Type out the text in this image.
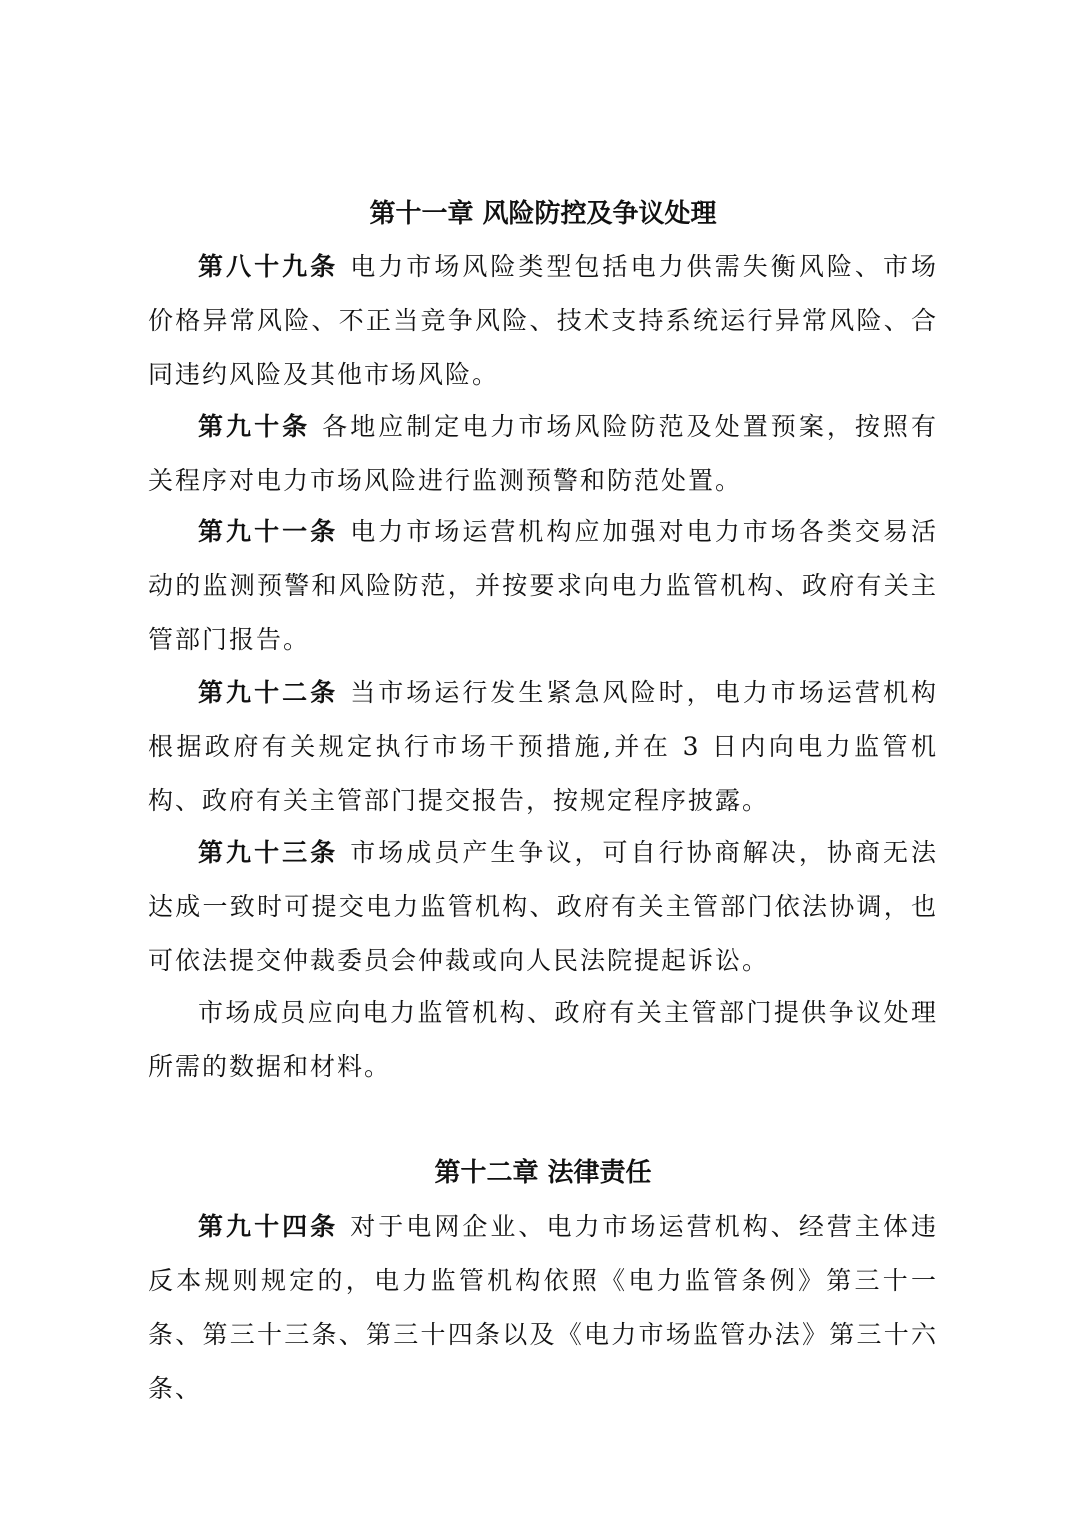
第十一章 风险防控及争议处理
第八十九条 电力市场风险类型包括电力供需失衡风险、市场价格异常风险、不正当竞争风险、技术支持系统运行异常风险、合同违约风险及其他市场风险。
第九十条 各地应制定电力市场风险防范及处置预案，按照有关程序对电力市场风险进行监测预警和防范处置。
第九十一条 电力市场运营机构应加强对电力市场各类交易活动的监测预警和风险防范，并按要求向电力监管机构、政府有关主管部门报告。
第九十二条 当市场运行发生紧急风险时，电力市场运营机构根据政府有关规定执行市场干预措施,并在 3 日内向电力监管机构、政府有关主管部门提交报告，按规定程序披露。
第九十三条 市场成员产生争议，可自行协商解决，协商无法达成一致时可提交电力监管机构、政府有关主管部门依法协调，也可依法提交仲裁委员会仲裁或向人民法院提起诉讼。
市场成员应向电力监管机构、政府有关主管部门提供争议处理所需的数据和材料。
第十二章 法律责任
第九十四条 对于电网企业、电力市场运营机构、经营主体违反本规则规定的，电力监管机构依照《电力监管条例》第三十一条、第三十三条、第三十四条以及《电力市场监管办法》第三十六条、
